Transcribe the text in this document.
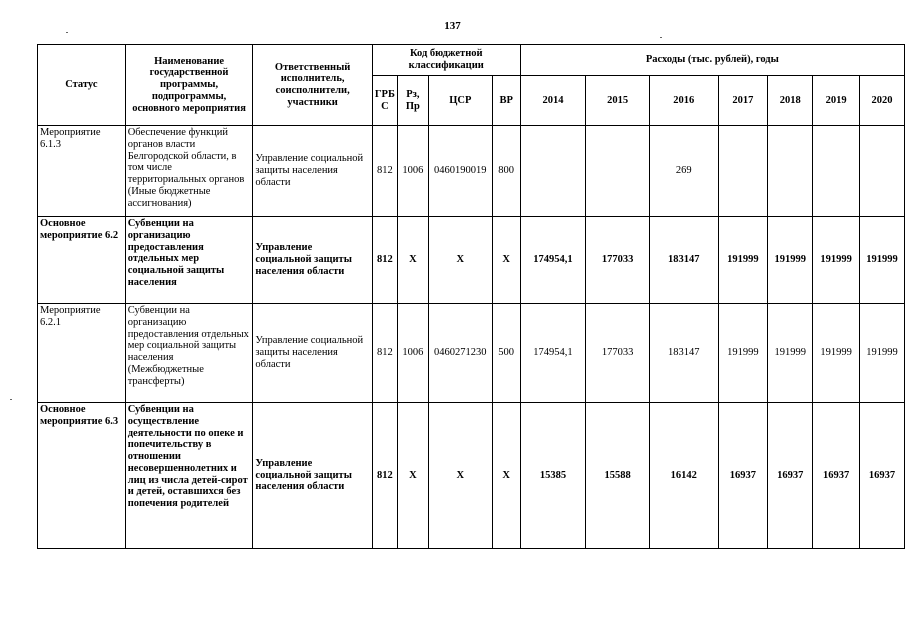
137
Статус	Наименование государственной программы, подпрограммы, основного мероприятия	Ответственный исполнитель, соисполнители, участники	Код бюджетной классификации				Расходы (тыс. рублей), годы						
			ГРБ С	Рз, Пр	ЦСР	ВР	2014	2015	2016	2017	2018	2019	2020
Мероприятие 6.1.3	Обеспечение функций органов власти Белгородской области, в том числе территориальных органов (Иные бюджетные ассигнования)	Управление социальной защиты населения области	812	1006	0460190019	800			269				
Основное мероприятие 6.2	Субвенции на организацию предоставления отдельных мер социальной защиты населения	Управление социальной защиты населения области	812	Х	Х	Х	174954,1	177033	183147	191999	191999	191999	191999
Мероприятие 6.2.1	Субвенции на организацию предоставления отдельных мер социальной защиты населения (Межбюджетные трансферты)	Управление социальной защиты населения области	812	1006	0460271230	500	174954,1	177033	183147	191999	191999	191999	191999
Основное мероприятие 6.3	Субвенции на осуществление деятельности по опеке и попечительству в отношении несовершеннолетних и лиц из числа детей-сирот и детей, оставшихся без попечения родителей	Управление социальной защиты населения области	812	Х	Х	Х	15385	15588	16142	16937	16937	16937	16937
